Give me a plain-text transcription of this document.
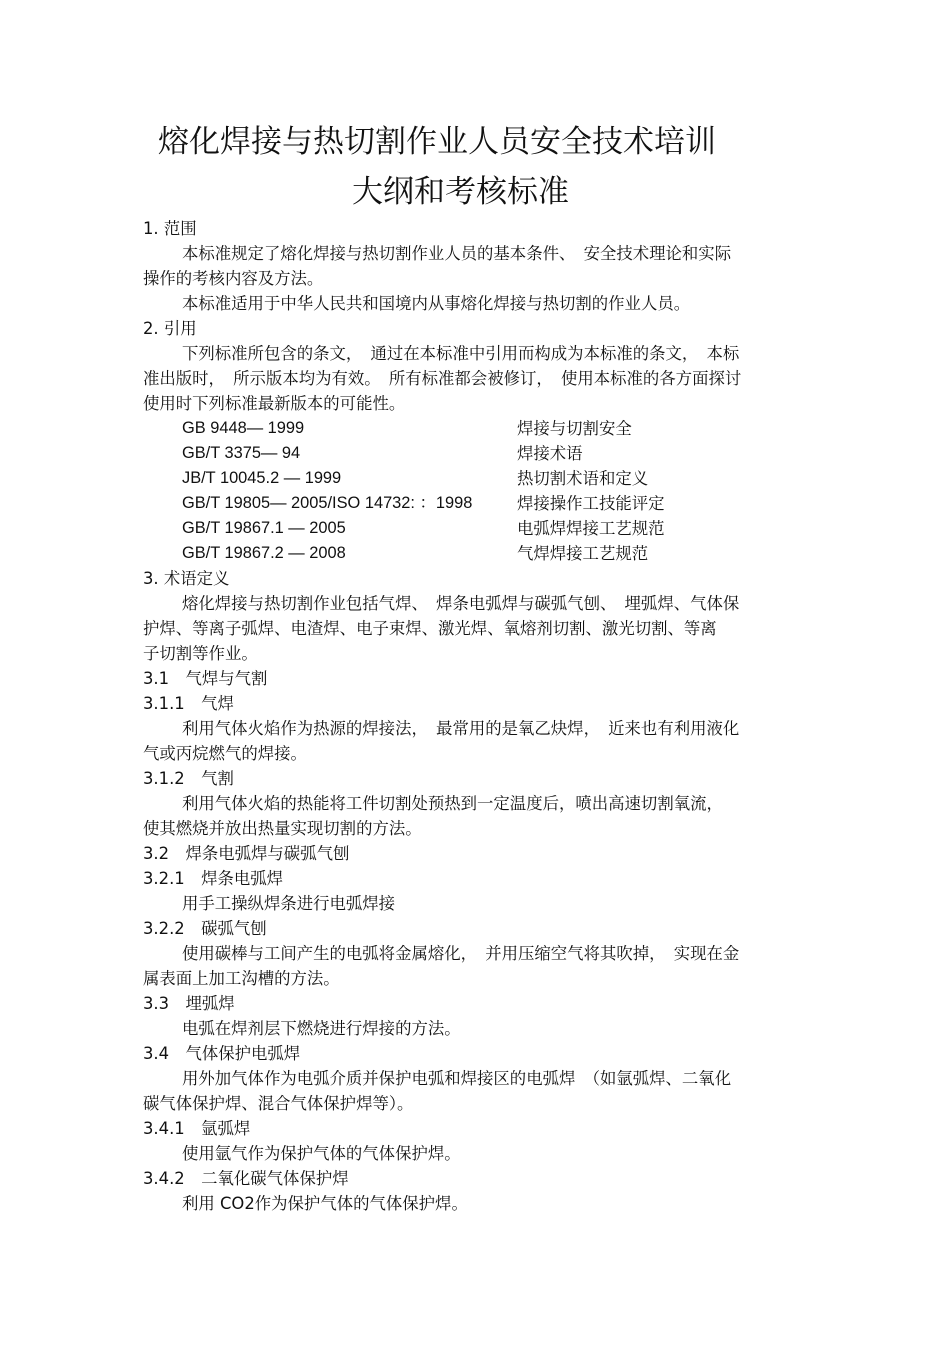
熔化焊接与热切割作业人员安全技术培训
大纲和考核标准
1. 范围
本标准规定了熔化焊接与热切割作业人员的基本条件、　安全技术理论和实际
操作的考核内容及方法。
本标准适用于中华人民共和国境内从事熔化焊接与热切割的作业人员。
2. 引用
下列标准所包含的条文，　通过在本标准中引用而构成为本标准的条文，　本标
准出版时，　所示版本均为有效。　所有标准都会被修订，　使用本标准的各方面探讨
使用时下列标准最新版本的可能性。
GB 9448— 1999	焊接与切割安全
GB/T 3375— 94	焊接术语
JB/T 10045.2 — 1999	热切割术语和定义
GB/T 19805— 2005/ISO 14732: ：1998	焊接操作工技能评定
GB/T 19867.1 — 2005	电弧焊焊接工艺规范
GB/T 19867.2 — 2008	气焊焊接工艺规范
3. 术语定义
熔化焊接与热切割作业包括气焊、　焊条电弧焊与碳弧气刨、　埋弧焊、气体保
护焊、等离子弧焊、电渣焊、电子束焊、激光焊、氧熔剂切割、激光切割、等离
子切割等作业。
3.1　气焊与气割
3.1.1　气焊
利用气体火焰作为热源的焊接法，　最常用的是氧乙炔焊，　近来也有利用液化
气或丙烷燃气的焊接。
3.1.2　气割
利用气体火焰的热能将工件切割处预热到一定温度后，喷出高速切割氧流，
使其燃烧并放出热量实现切割的方法。
3.2　焊条电弧焊与碳弧气刨
3.2.1　焊条电弧焊
用手工操纵焊条进行电弧焊接
3.2.2　碳弧气刨
使用碳棒与工间产生的电弧将金属熔化，　并用压缩空气将其吹掉，　实现在金
属表面上加工沟槽的方法。
3.3　埋弧焊
电弧在焊剂层下燃烧进行焊接的方法。
3.4　气体保护电弧焊
用外加气体作为电弧介质并保护电弧和焊接区的电弧焊　（如氩弧焊、二氧化
碳气体保护焊、混合气体保护焊等）。
3.4.1　氩弧焊
使用氩气作为保护气体的气体保护焊。
3.4.2　二氧化碳气体保护焊
利用 CO2作为保护气体的气体保护焊。
